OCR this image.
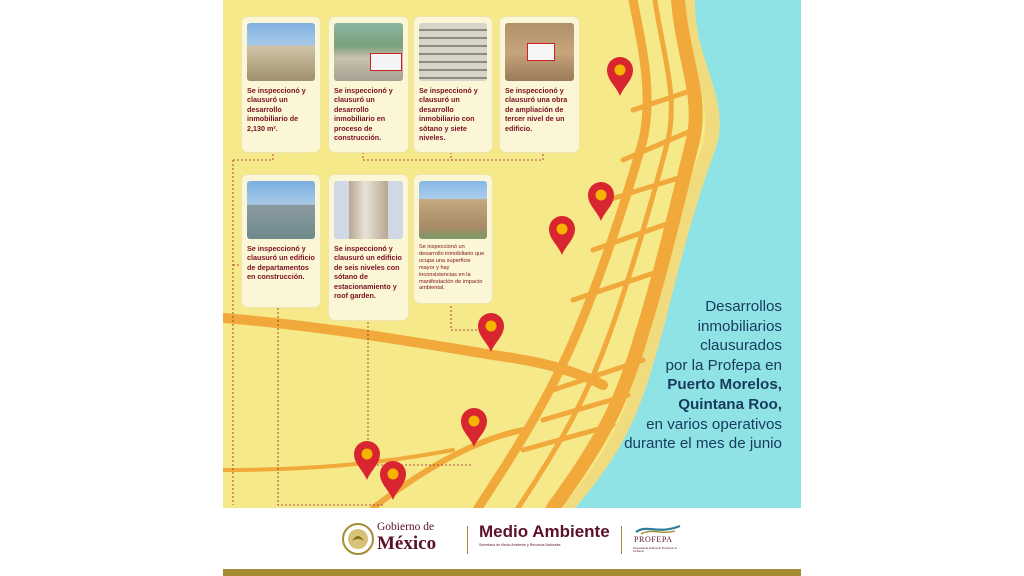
Se inspeccionó y clausuró un desarrollo inmobiliario de 2,130 m².
Se inspeccionó y clausuró un desarrollo inmobiliario en proceso de construcción.
Se inspeccionó y clausuró un desarrollo inmobiliario con sótano y siete niveles.
Se inspeccionó y clausuró una obra de ampliación de tercer nivel de un edificio.
Se inspeccionó y clausuró un edificio de departamentos en construcción.
Se inspeccionó y clausuró un edificio de seis niveles con sótano de estacionamiento y roof garden.
Se inspeccionó un desarrollo inmobiliario que ocupa una superficie mayor y hay inconsistencias en la manifestación de impacto ambiental.
Desarrollos
inmobiliarios
clausurados
por la Profepa en
Puerto Morelos,
Quintana Roo,
en varios operativos
durante el mes de junio
Gobierno de
México
Medio Ambiente
Secretaría de Medio Ambiente y Recursos Naturales
PROFEPA
Procuraduría Federal de Protección al Ambiente
